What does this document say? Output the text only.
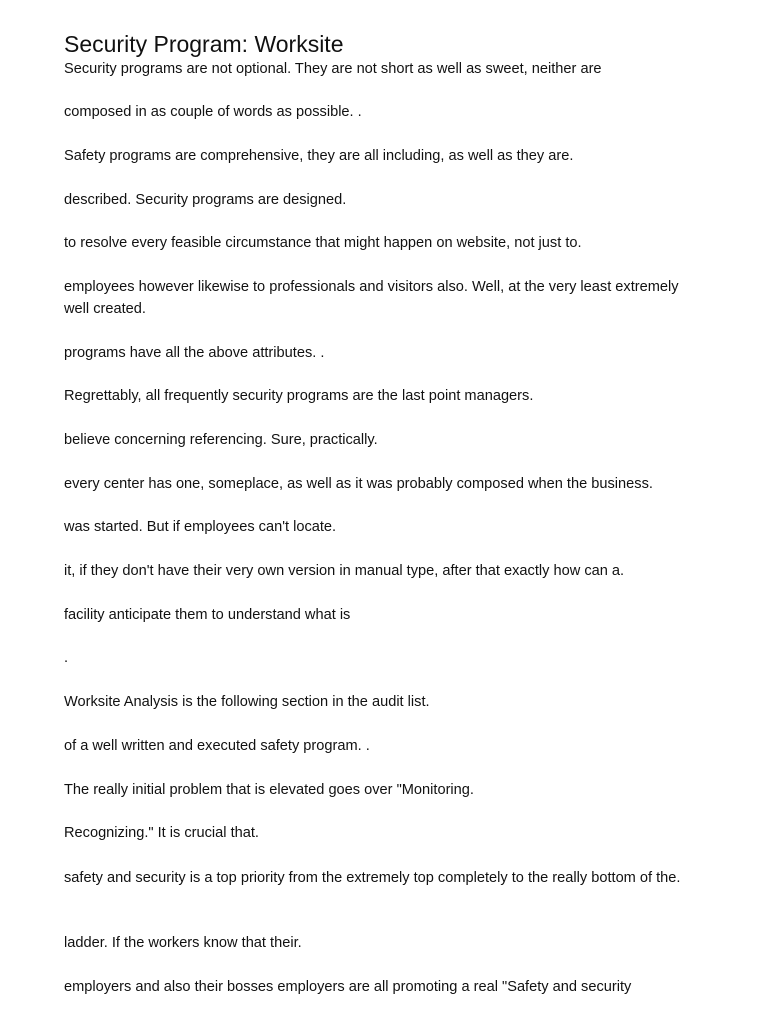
Security Program: Worksite

Security programs are not optional. They are not short as well as sweet, neither are

composed in as couple of words as possible. .

Safety programs are comprehensive, they are all including, as well as they are.

described. Security programs are designed.

to resolve every feasible circumstance that might happen on website, not just to.

employees however likewise to professionals and visitors also. Well, at the very least extremely well created.

programs have all the above attributes. .

Regrettably, all frequently security programs are the last point managers.

believe concerning referencing. Sure, practically.

every center has one, someplace, as well as it was probably composed when the business.

was started. But if employees can't locate.

it, if they don't have their very own version in manual type, after that exactly how can a.

facility anticipate them to understand what is

.

Worksite Analysis is the following section in the audit list.

of a well written and executed safety program. .

The really initial problem that is elevated goes over "Monitoring.

Recognizing." It is crucial that.

safety and security is a top priority from the extremely top completely to the really bottom of the.

ladder. If the workers know that their.

employers and also their bosses employers are all promoting a real "Safety and security
